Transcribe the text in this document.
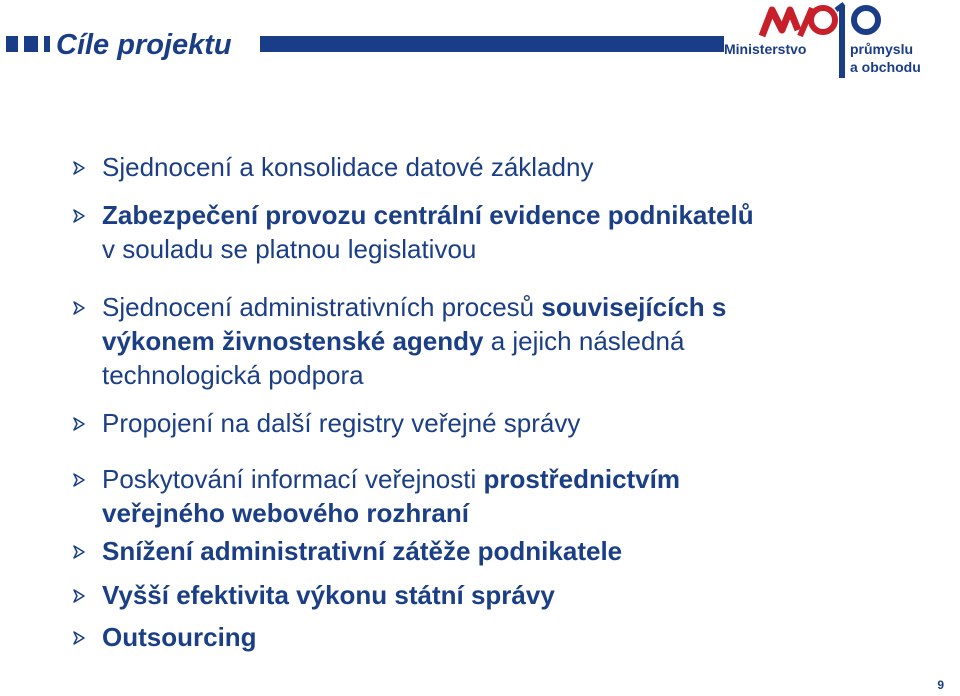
Cíle projektu	Ministerstvo	průmyslu
a obchodu
Sjednocení a konsolidace datové základny
Zabezpečení provozu centrální evidence podnikatelů
v souladu se platnou legislativou
Sjednocení administrativních procesů souvisejících s
výkonem živnostenské agendy a jejich následná
technologická podpora
Propojení na další registry veřejné správy
Poskytování informací veřejnosti prostřednictvím
veřejného webového rozhraní
Snížení administrativní zátěže podnikatele
Vyšší efektivita výkonu státní správy
Outsourcing
9
